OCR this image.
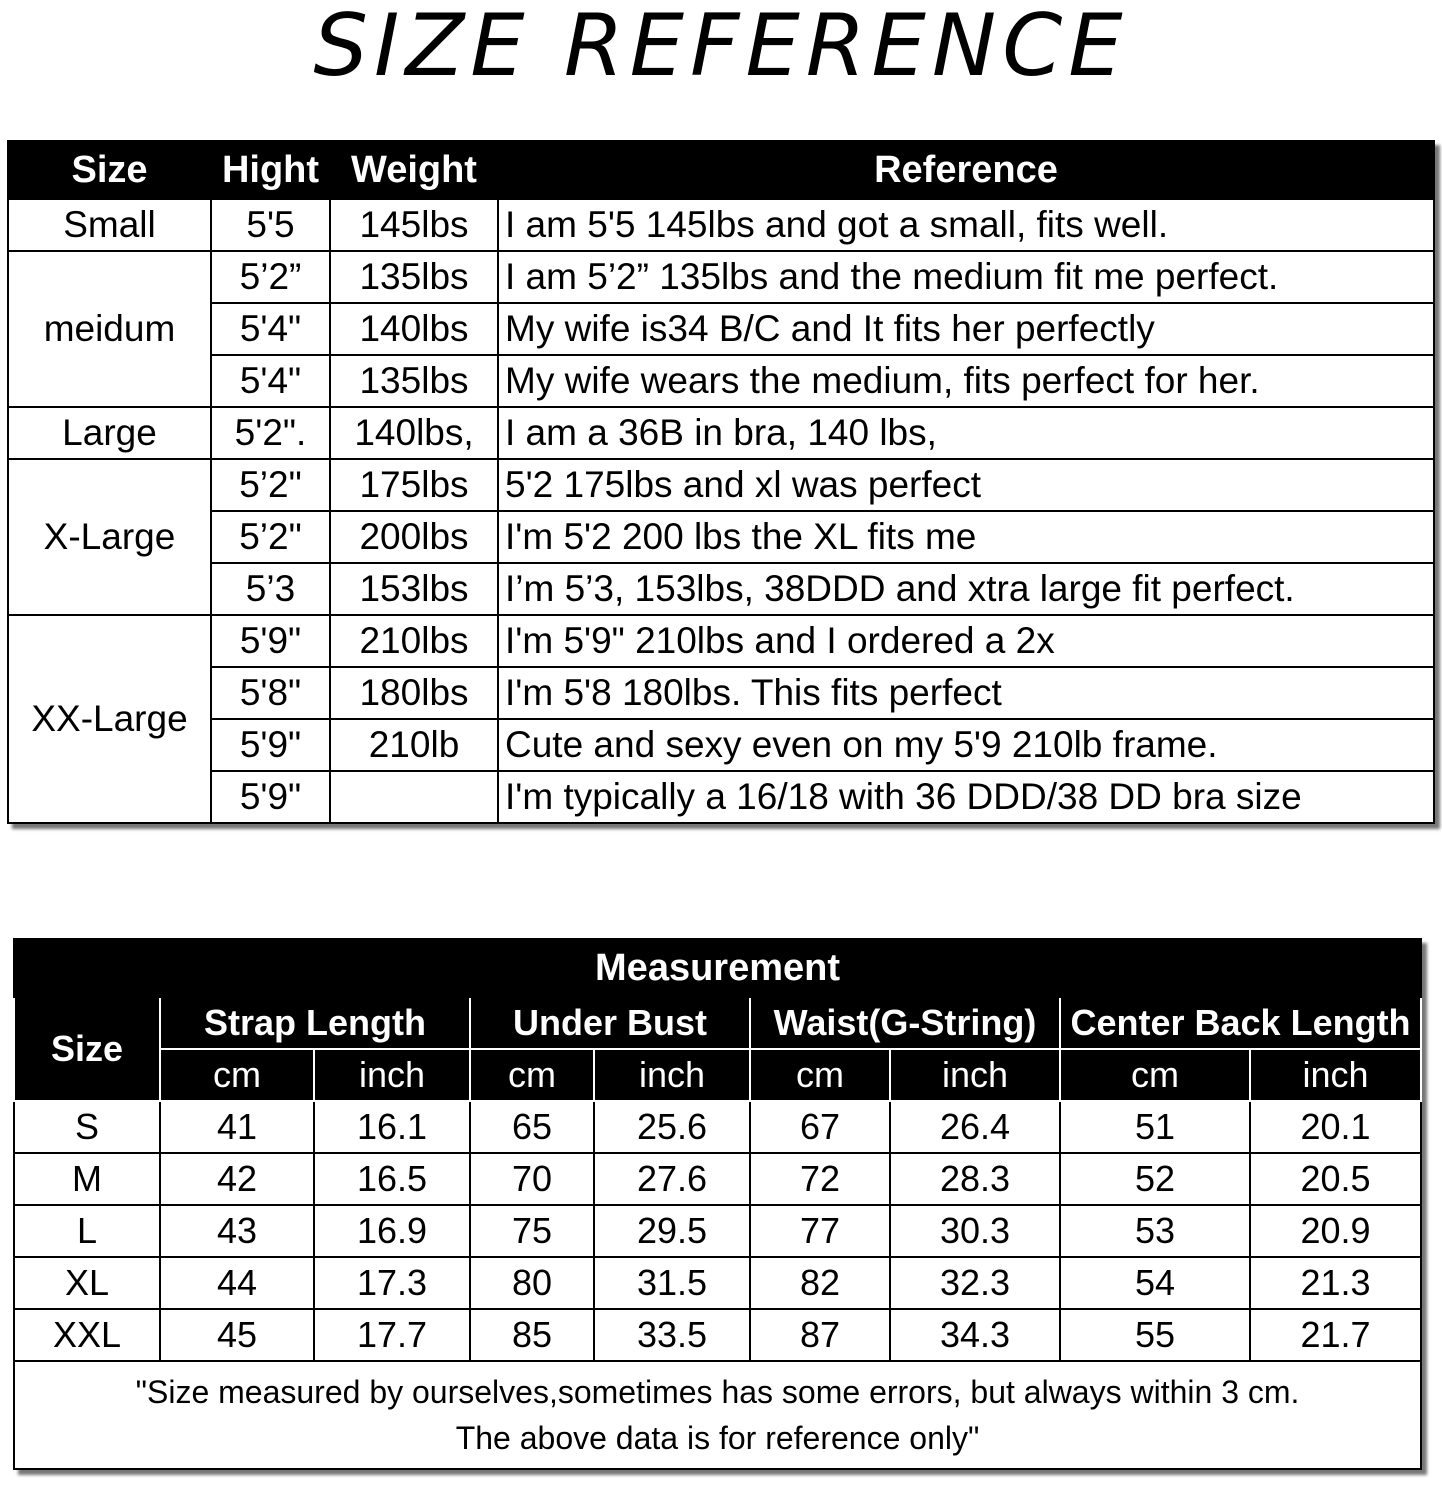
SIZE REFERENCE
Size	Hight	Weight	Reference
Small	5'5	145lbs	I am 5'5 145lbs and got a small, fits well.
meidum	5’2”	135lbs	I am 5’2” 135lbs and the medium fit me perfect.
	5'4"	140lbs	My wife is34 B/C and It fits her perfectly
	5'4"	135lbs	My wife wears the medium, fits perfect for her.
Large	5'2".	140lbs,	I am a 36B in bra, 140 lbs,
X-Large	5’2"	175lbs	5'2 175lbs and xl was perfect
	5’2"	200lbs	I'm 5'2 200 lbs the XL fits me
	5’3	153lbs	I’m 5’3, 153lbs, 38DDD and xtra large fit perfect.
XX-Large	5'9"	210lbs	I'm 5'9" 210lbs and I ordered a 2x
	5'8"	180lbs	I'm 5'8 180lbs. This fits perfect
	5'9"	210lb	Cute and sexy even on my 5'9 210lb frame.
	5'9"		I'm typically a 16/18 with 36 DDD/38 DD bra size
Measurement								
Size	Strap Length		Under Bust		Waist(G-String)		Center Back Length	
	cm	inch	cm	inch	cm	inch	cm	inch
S	41	16.1	65	25.6	67	26.4	51	20.1
M	42	16.5	70	27.6	72	28.3	52	20.5
L	43	16.9	75	29.5	77	30.3	53	20.9
XL	44	17.3	80	31.5	82	32.3	54	21.3
XXL	45	17.7	85	33.5	87	34.3	55	21.7
"Size measured by ourselves,sometimes has some errors, but always within 3 cm.
The above data is for reference only"								
